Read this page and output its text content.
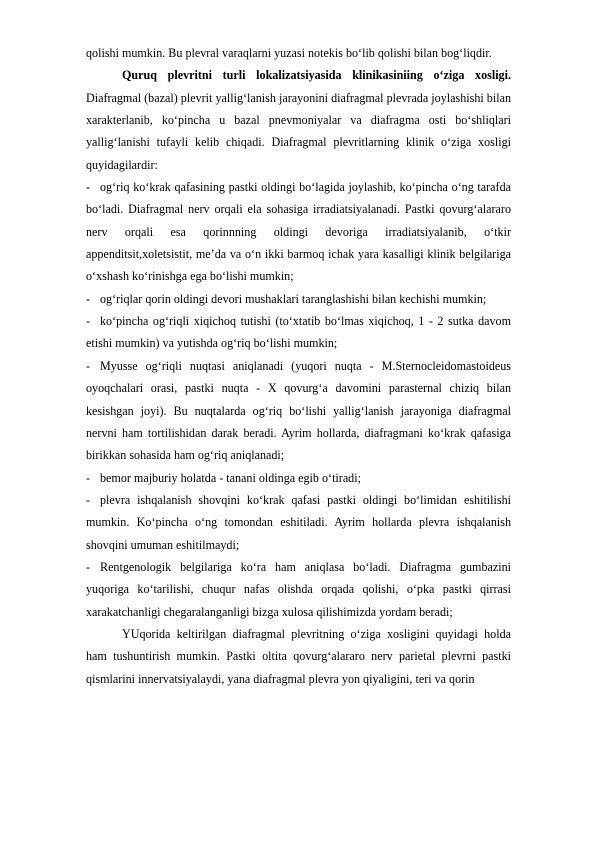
qolishi mumkin. Bu plevral varaqlarni yuzasi notekis bo‘lib qolishi bilan bog‘liqdir.

Quruq plevritni turli lokalizatsiyasida klinikasiniing o‘ziga xosligi. Diafragmal (bazal) plevrit yallig‘lanish jarayonini diafragmal plevrada joylashishi bilan xarakterlanib, ko‘pincha u bazal pnevmoniyalar va diafragma osti bo‘shliqlari yallig‘lanishi tufayli kelib chiqadi. Diafragmal plevritlarning klinik o‘ziga xosligi quyidagilardir:

- og‘riq ko‘krak qafasining pastki oldingi bo‘lagida joylashib, ko‘pincha o‘ng tarafda bo‘ladi. Diafragmal nerv orqali ela sohasiga irradiatsiyalanadi. Pastki qovurg‘alararo nerv orqali esa qorinnning oldingi devoriga irradiatsiyalanib, o‘tkir appenditsit,xoletsistit, me’da va o‘n ikki barmoq ichak yara kasalligi klinik belgilariga o‘xshash ko‘rinishga ega bo‘lishi mumkin;

- og‘riqlar qorin oldingi devori mushaklari taranglashishi bilan kechishi mumkin;

- ko‘pincha og‘riqli xiqichoq tutishi (to‘xtatib bo‘lmas xiqichoq, 1 - 2 sutka davom etishi mumkin) va yutishda og‘riq bo‘lishi mumkin;

- Myusse og‘riqli nuqtasi aniqlanadi (yuqori nuqta - M.Sternocleidomastoideus oyoqchalari orasi, pastki nuqta - X qovurg‘a davomini parasternal chiziq bilan kesishgan joyi). Bu nuqtalarda og‘riq bo‘lishi yallig‘lanish jarayoniga diafragmal nervni ham tortilishidan darak beradi. Ayrim hollarda, diafragmani ko‘krak qafasiga birikkan sohasida ham og‘riq aniqlanadi;

- bemor majburiy holatda - tanani oldinga egib o‘tiradi;

- plevra ishqalanish shovqini ko‘krak qafasi pastki oldingi bo‘limidan eshitilishi mumkin. Ko‘pincha o‘ng tomondan eshitiladi. Ayrim hollarda plevra ishqalanish shovqini umuman eshitilmaydi;

- Rentgenologik belgilariga ko‘ra ham aniqlasa bo‘ladi. Diafragma gumbazini yuqoriga ko‘tarilishi, chuqur nafas olishda orqada qolishi, o‘pka pastki qirrasi xarakatchanligi chegaralanganligi bizga xulosa qilishimizda yordam beradi;

YUqorida keltirilgan diafragmal plevritning o‘ziga xosligini quyidagi holda ham tushuntirish mumkin. Pastki oltita qovurg‘alararo nerv parietal plevrni pastki qismlarini innervatsiyalaydi, yana diafragmal plevra yon qiyaligini, teri va qorin
